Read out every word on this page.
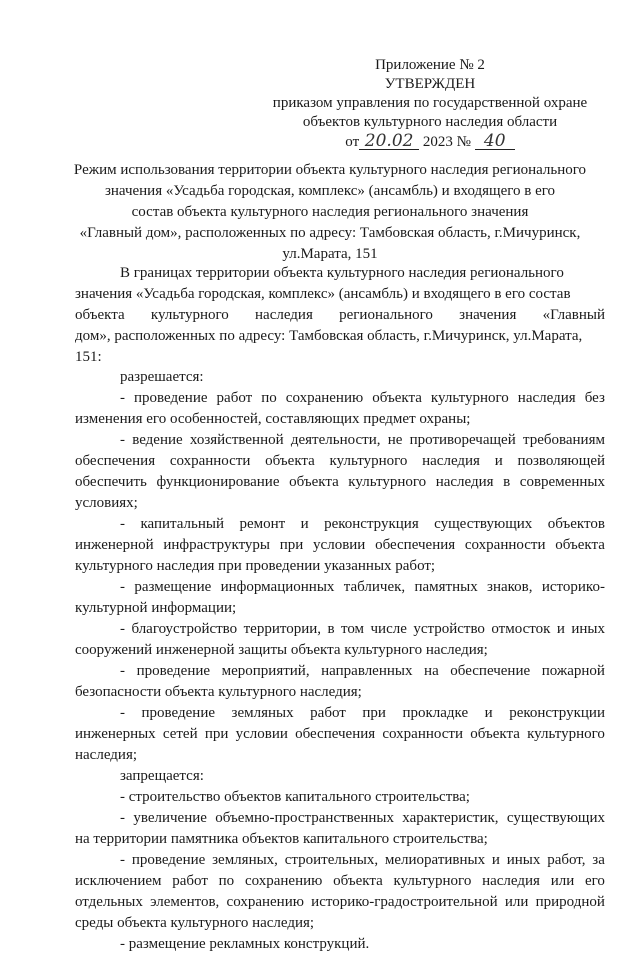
Приложение № 2
УТВЕРЖДЕН
приказом управления по государственной охране
объектов культурного наследия области
от 20.02 2023 № 40
Режим использования территории объекта культурного наследия регионального
значения «Усадьба городская, комплекс» (ансамбль) и входящего в его
состав объекта культурного наследия регионального значения
«Главный дом», расположенных по адресу: Тамбовская область, г.Мичуринск,
ул.Марата, 151
В границах территории объекта культурного наследия регионального
значения «Усадьба городская, комплекс» (ансамбль) и входящего в его состав
объекта культурного наследия регионального значения «Главный
дом», расположенных по адресу: Тамбовская область, г.Мичуринск, ул.Марата,
151:
разрешается:
- проведение работ по сохранению объекта культурного наследия без
изменения его особенностей, составляющих предмет охраны;
- ведение хозяйственной деятельности, не противоречащей требованиям
обеспечения сохранности объекта культурного наследия и позволяющей
обеспечить функционирование объекта культурного наследия в современных
условиях;
- капитальный ремонт и реконструкция существующих объектов
инженерной инфраструктуры при условии обеспечения сохранности объекта
культурного наследия при проведении указанных работ;
- размещение информационных табличек, памятных знаков, историко-
культурной информации;
- благоустройство территории, в том числе устройство отмосток и иных
сооружений инженерной защиты объекта культурного наследия;
- проведение мероприятий, направленных на обеспечение пожарной
безопасности объекта культурного наследия;
- проведение земляных работ при прокладке и реконструкции
инженерных сетей при условии обеспечения сохранности объекта культурного
наследия;
запрещается:
- строительство объектов капитального строительства;
- увеличение объемно-пространственных характеристик, существующих
на территории памятника объектов капитального строительства;
- проведение земляных, строительных, мелиоративных и иных работ, за
исключением работ по сохранению объекта культурного наследия или его
отдельных элементов, сохранению историко-градостроительной или природной
среды объекта культурного наследия;
- размещение рекламных конструкций.
